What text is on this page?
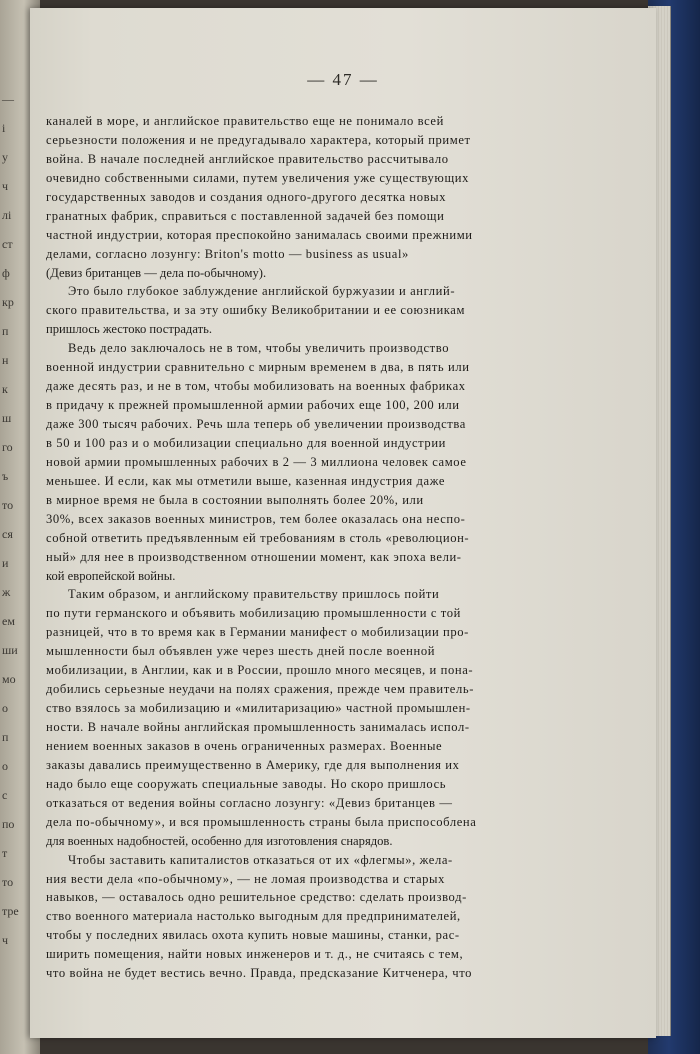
—
і
у
ч
лі
ст
ф
кр
п
н
к
ш
го
ъ
то
ся
и
ж
ем
ши
мо
о
п
о
с
по
т
то
тре
ч
— 47 —
каналей в море, и английское правительство еще не понимало всей
серьезности положения и не предугадывало характера, который примет
война. В начале последней английское правительство рассчитывало
очевидно собственными силами, путем увеличения уже существующих
государственных заводов и создания одного-другого десятка новых
гранатных фабрик, справиться с поставленной задачей без помощи
частной индустрии, которая преспокойно занималась своими прежними
делами, согласно лозунгу: Briton's motto — business as usual»
(Девиз британцев — дела по-обычному).
Это было глубокое заблуждение английской буржуазии и англий-
ского правительства, и за эту ошибку Великобритании и ее союзникам
пришлось жестоко пострадать.
Ведь дело заключалось не в том, чтобы увеличить производство
военной индустрии сравнительно с мирным временем в два, в пять или
даже десять раз, и не в том, чтобы мобилизовать на военных фабриках
в придачу к прежней промышленной армии рабочих еще 100, 200 или
даже 300 тысяч рабочих. Речь шла теперь об увеличении производства
в 50 и 100 раз и о мобилизации специально для военной индустрии
новой армии промышленных рабочих в 2 — 3 миллиона человек самое
меньшее. И если, как мы отметили выше, казенная индустрия даже
в мирное время не была в состоянии выполнять более 20%, или
30%, всех заказов военных министров, тем более оказалась она неспо-
собной ответить предъявленным ей требованиям в столь «революцион-
ный» для нее в производственном отношении момент, как эпоха вели-
кой европейской войны.
Таким образом, и английскому правительству пришлось пойти
по пути германского и объявить мобилизацию промышленности с той
разницей, что в то время как в Германии манифест о мобилизации про-
мышленности был объявлен уже через шесть дней после военной
мобилизации, в Англии, как и в России, прошло много месяцев, и пона-
добились серьезные неудачи на полях сражения, прежде чем правитель-
ство взялось за мобилизацию и «милитаризацию» частной промышлен-
ности. В начале войны английская промышленность занималась испол-
нением военных заказов в очень ограниченных размерах. Военные
заказы давались преимущественно в Америку, где для выполнения их
надо было еще сооружать специальные заводы. Но скоро пришлось
отказаться от ведения войны согласно лозунгу: «Девиз британцев —
дела по-обычному», и вся промышленность страны была приспособлена
для военных надобностей, особенно для изготовления снарядов.
Чтобы заставить капиталистов отказаться от их «флегмы», жела-
ния вести дела «по-обычному», — не ломая производства и старых
навыков, — оставалось одно решительное средство: сделать производ-
ство военного материала настолько выгодным для предпринимателей,
чтобы у последних явилась охота купить новые машины, станки, рас-
ширить помещения, найти новых инженеров и т. д., не считаясь с тем,
что война не будет вестись вечно. Правда, предсказание Китченера, что
